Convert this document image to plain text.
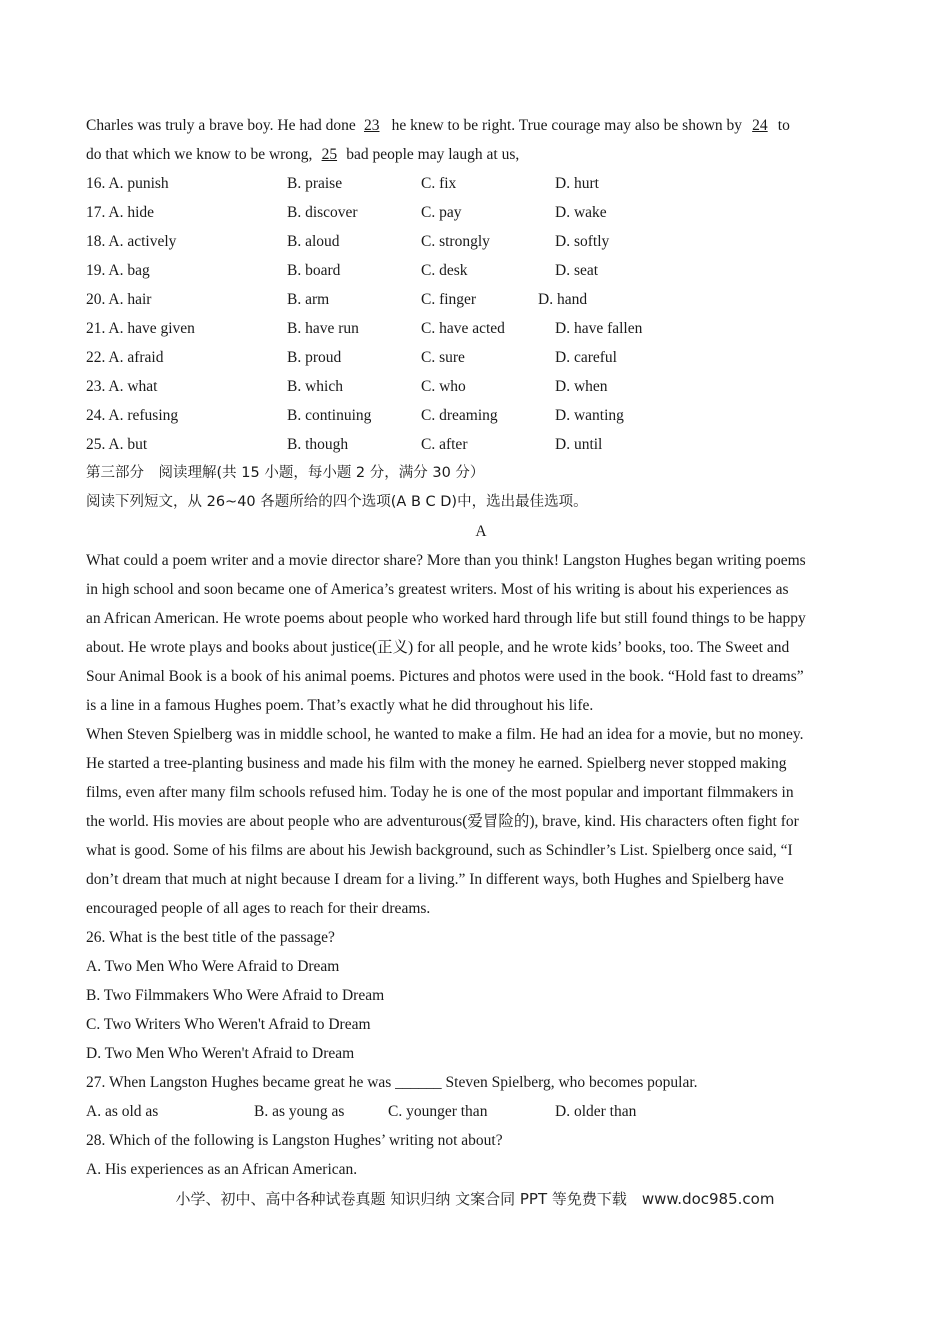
Charles was truly a brave boy. He had done 23 he knew to be right. True courage may also be shown by 24 to
do that which we know to be wrong, 25 bad people may laugh at us,
16. A. punish	B. praise	C. fix	D. hurt
17. A. hide	B. discover	C. pay	D. wake
18. A. actively	B. aloud	C. strongly	D. softly
19. A. bag	B. board	C. desk	D. seat
20. A. hair	B. arm	C. finger	D. hand
21. A. have given	B. have run	C. have acted	D. have fallen
22. A. afraid	B. proud	C. sure	D. careful
23. A. what	B. which	C. who	D. when
24. A. refusing	B. continuing	C. dreaming	D. wanting
25. A. but	B. though	C. after	D. until
第三部分　阅读理解(共 15 小题，每小题 2 分，满分 30 分）
阅读下列短文，从 26~40 各题所给的四个选项(A B C D)中，选出最佳选项。
A
What could a poem writer and a movie director share? More than you think! Langston Hughes began writing poems
in high school and soon became one of America’s greatest writers. Most of his writing is about his experiences as
an African American. He wrote poems about people who worked hard through life but still found things to be happy
about. He wrote plays and books about justice(正义) for all people, and he wrote kids’ books, too. The Sweet and
Sour Animal Book is a book of his animal poems. Pictures and photos were used in the book. “Hold fast to dreams”
is a line in a famous Hughes poem. That’s exactly what he did throughout his life.
When Steven Spielberg was in middle school, he wanted to make a film. He had an idea for a movie, but no money.
He started a tree-planting business and made his film with the money he earned. Spielberg never stopped making
films, even after many film schools refused him. Today he is one of the most popular and important filmmakers in
the world. His movies are about people who are adventurous(爱冒险的), brave, kind. His characters often fight for
what is good. Some of his films are about his Jewish background, such as Schindler’s List. Spielberg once said, “I
don’t dream that much at night because I dream for a living.” In different ways, both Hughes and Spielberg have
encouraged people of all ages to reach for their dreams.
26. What is the best title of the passage?
A. Two Men Who Were Afraid to Dream
B. Two Filmmakers Who Were Afraid to Dream
C. Two Writers Who Weren't Afraid to Dream
D. Two Men Who Weren't Afraid to Dream
27. When Langston Hughes became great he was ______ Steven Spielberg, who becomes popular.
A. as old as	B. as young as	C. younger than	D. older than
28. Which of the following is Langston Hughes’ writing not about?
A. His experiences as an African American.
小学、初中、高中各种试卷真题 知识归纳 文案合同 PPT 等免费下载　www.doc985.com
